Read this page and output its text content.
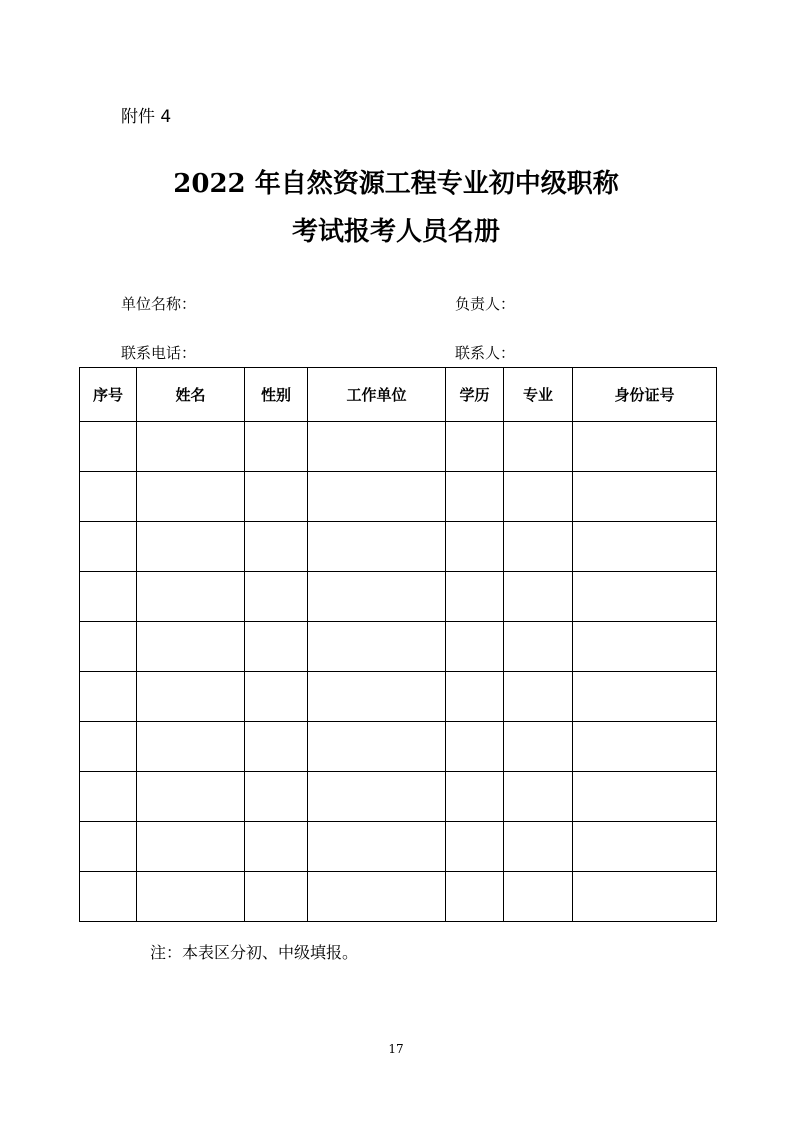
附件 4
2022 年自然资源工程专业初中级职称
考试报考人员名册
单位名称：	负责人：
联系电话：	联系人：
序号	姓名	性别	工作单位	学历	专业	身份证号

注：本表区分初、中级填报。
17
